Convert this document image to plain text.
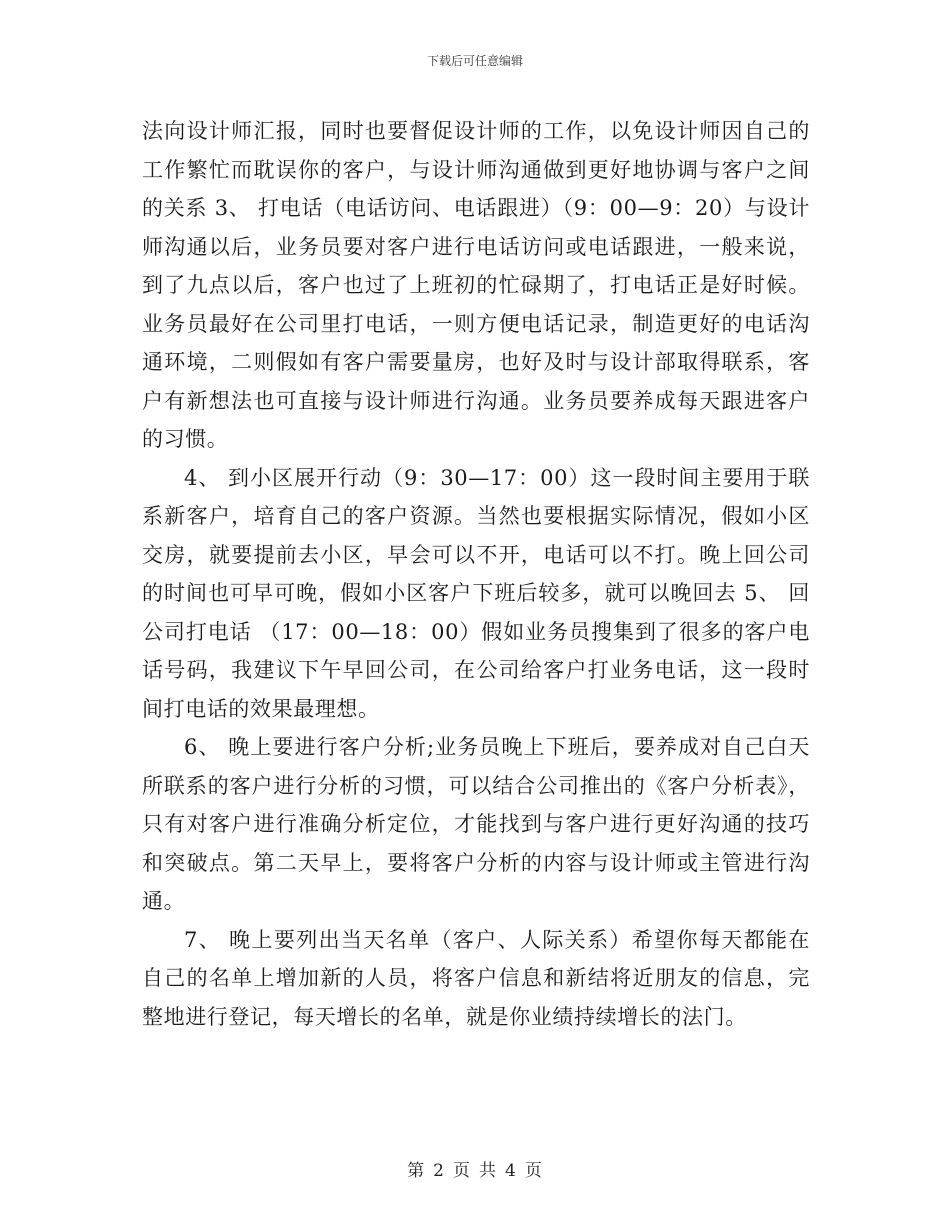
下载后可任意编辑

法向设计师汇报，同时也要督促设计师的工作，以免设计师因自己的工作繁忙而耽误你的客户，与设计师沟通做到更好地协调与客户之间的关系 3、 打电话（电话访问、电话跟进）（9：00—9：20）与设计师沟通以后，业务员要对客户进行电话访问或电话跟进，一般来说，到了九点以后，客户也过了上班初的忙碌期了，打电话正是好时候。业务员最好在公司里打电话，一则方便电话记录，制造更好的电话沟通环境，二则假如有客户需要量房，也好及时与设计部取得联系，客户有新想法也可直接与设计师进行沟通。业务员要养成每天跟进客户的习惯。

4、 到小区展开行动（9：30—17：00）这一段时间主要用于联系新客户，培育自己的客户资源。当然也要根据实际情况，假如小区交房，就要提前去小区，早会可以不开，电话可以不打。晚上回公司的时间也可早可晚，假如小区客户下班后较多，就可以晚回去 5、 回公司打电话 （17：00—18：00）假如业务员搜集到了很多的客户电话号码，我建议下午早回公司，在公司给客户打业务电话，这一段时间打电话的效果最理想。

6、 晚上要进行客户分析;业务员晚上下班后，要养成对自己白天所联系的客户进行分析的习惯，可以结合公司推出的《客户分析表》，只有对客户进行准确分析定位，才能找到与客户进行更好沟通的技巧和突破点。第二天早上，要将客户分析的内容与设计师或主管进行沟通。

7、 晚上要列出当天名单（客户、人际关系）希望你每天都能在自己的名单上增加新的人员，将客户信息和新结将近朋友的信息，完整地进行登记，每天增长的名单，就是你业绩持续增长的法门。

第 2 页 共 4 页
